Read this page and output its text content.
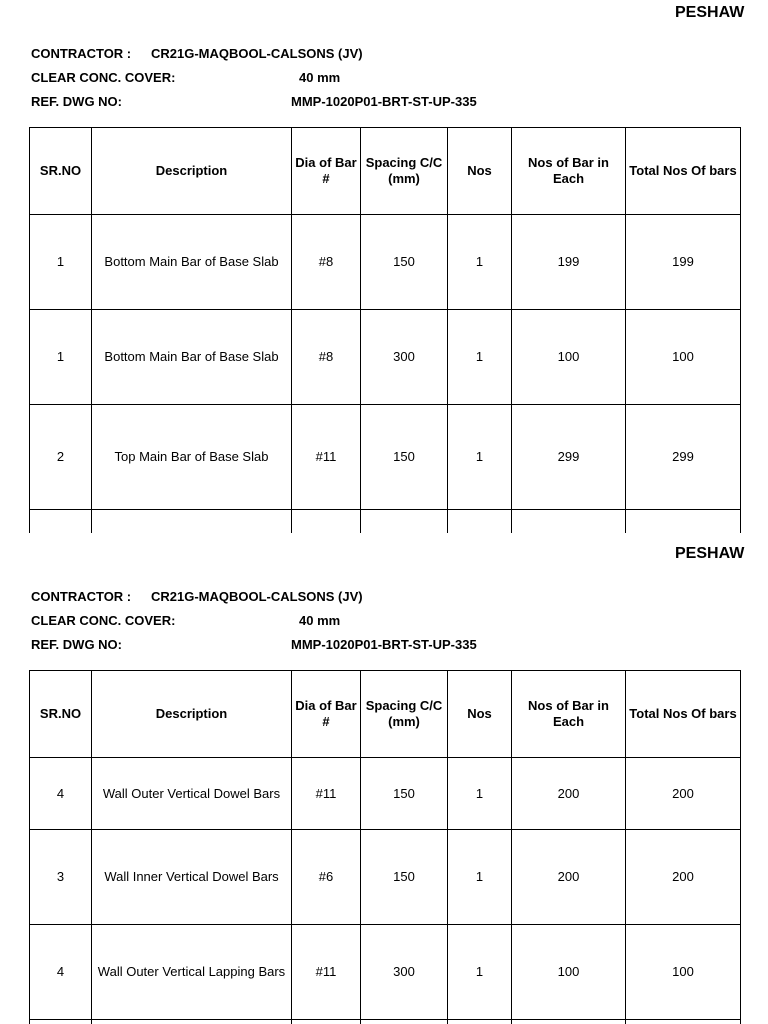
PESHAW
CONTRACTOR : CR21G-MAQBOOL-CALSONS (JV)
CLEAR CONC. COVER:	40 mm
REF. DWG NO:	MMP-1020P01-BRT-ST-UP-335
SR.NO	Description	Dia of Bar #	Spacing C/C (mm)	Nos	Nos of Bar in Each	Total Nos Of bars
1	Bottom Main Bar of Base Slab	#8	150	1	199	199
1	Bottom Main Bar of Base Slab	#8	300	1	100	100
2	Top Main Bar of Base Slab	#11	150	1	299	299

PESHAW
CONTRACTOR : CR21G-MAQBOOL-CALSONS (JV)
CLEAR CONC. COVER:	40 mm
REF. DWG NO:	MMP-1020P01-BRT-ST-UP-335
SR.NO	Description	Dia of Bar #	Spacing C/C (mm)	Nos	Nos of Bar in Each	Total Nos Of bars
4	Wall Outer Vertical Dowel Bars	#11	150	1	200	200
3	Wall Inner Vertical Dowel Bars	#6	150	1	200	200
4	Wall Outer Vertical Lapping Bars	#11	300	1	100	100
